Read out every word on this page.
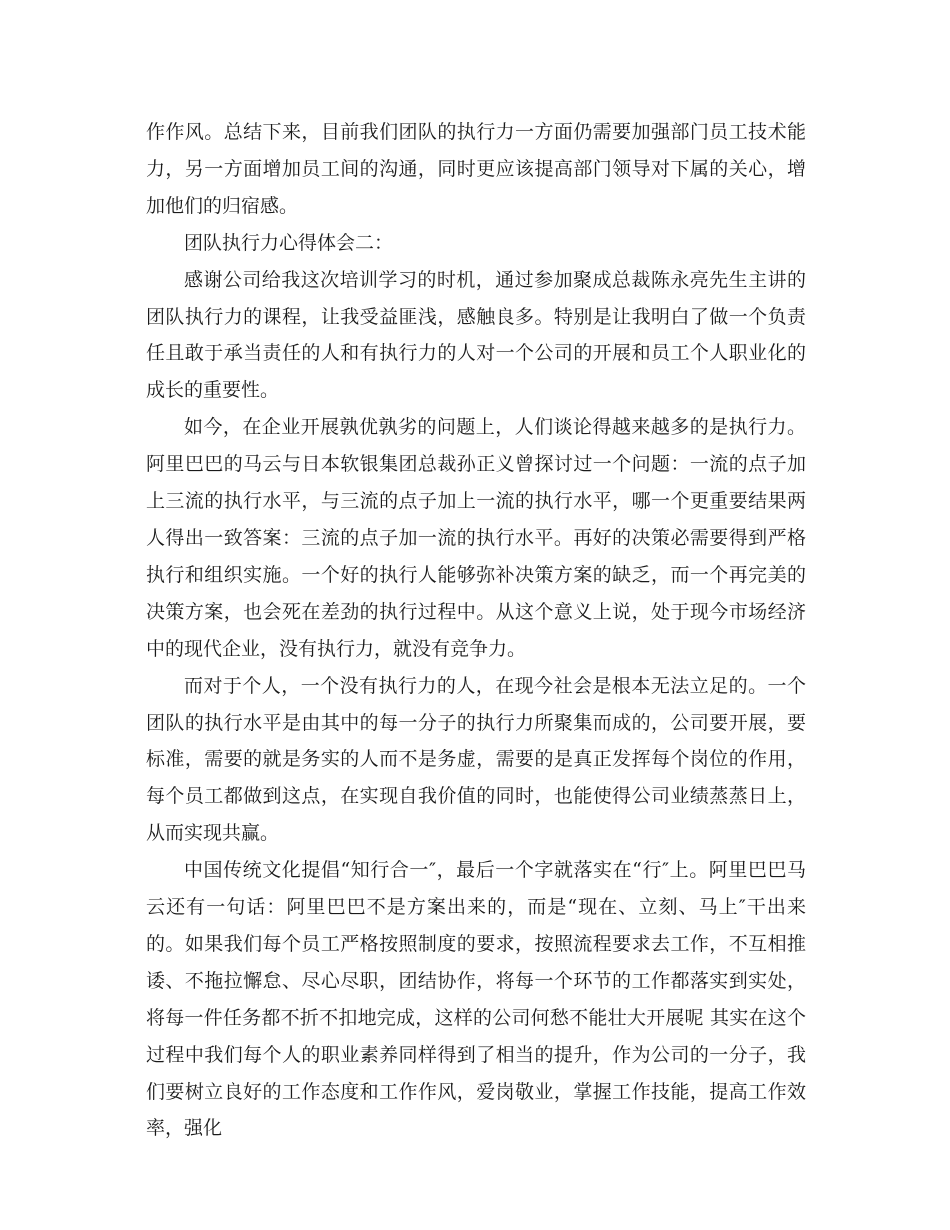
作作风。总结下来，目前我们团队的执行力一方面仍需要加强部门员工技术能力，另一方面增加员工间的沟通，同时更应该提高部门领导对下属的关心，增加他们的归宿感。

团队执行力心得体会二：

感谢公司给我这次培训学习的时机，通过参加聚成总裁陈永亮先生主讲的团队执行力的课程，让我受益匪浅，感触良多。特别是让我明白了做一个负责任且敢于承当责任的人和有执行力的人对一个公司的开展和员工个人职业化的成长的重要性。

如今，在企业开展孰优孰劣的问题上，人们谈论得越来越多的是执行力。阿里巴巴的马云与日本软银集团总裁孙正义曾探讨过一个问题：一流的点子加上三流的执行水平，与三流的点子加上一流的执行水平，哪一个更重要结果两人得出一致答案：三流的点子加一流的执行水平。再好的决策必需要得到严格执行和组织实施。一个好的执行人能够弥补决策方案的缺乏，而一个再完美的决策方案，也会死在差劲的执行过程中。从这个意义上说，处于现今市场经济中的现代企业，没有执行力，就没有竞争力。

而对于个人，一个没有执行力的人，在现今社会是根本无法立足的。一个团队的执行水平是由其中的每一分子的执行力所聚集而成的，公司要开展，要标准，需要的就是务实的人而不是务虚，需要的是真正发挥每个岗位的作用，每个员工都做到这点，在实现自我价值的同时，也能使得公司业绩蒸蒸日上，从而实现共赢。

中国传统文化提倡“知行合一″，最后一个字就落实在“行″上。阿里巴巴马云还有一句话：阿里巴巴不是方案出来的，而是“现在、立刻、马上″干出来的。如果我们每个员工严格按照制度的要求，按照流程要求去工作，不互相推诿、不拖拉懈怠、尽心尽职，团结协作，将每一个环节的工作都落实到实处，将每一件任务都不折不扣地完成，这样的公司何愁不能壮大开展呢 其实在这个过程中我们每个人的职业素养同样得到了相当的提升，作为公司的一分子，我们要树立良好的工作态度和工作作风，爱岗敬业，掌握工作技能，提高工作效率，强化
